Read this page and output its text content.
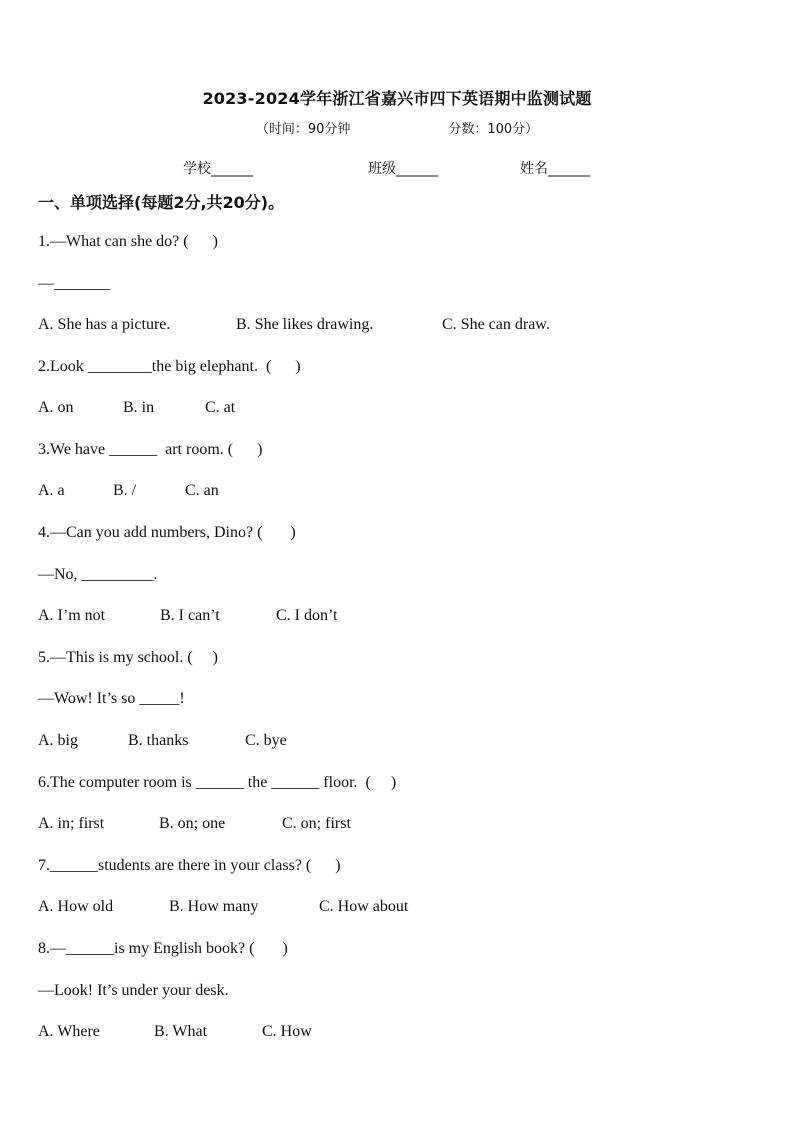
2023-2024学年浙江省嘉兴市四下英语期中监测试题
（时间：90分钟	分数：100分）
学校______	班级______	姓名______
一、单项选择(每题2分,共20分)。
1.—What can she do? (      )
—_______
A. She has a picture.	B. She likes drawing.	C. She can draw.
2.Look ________the big elephant.  (      )
A. on	B. in	C. at
3.We have ______  art room. (      )
A. a	B. /	C. an
4.—Can you add numbers, Dino? (       )
—No, _________.
A. I’m not	B. I can’t	C. I don’t
5.—This is my school. (     )
—Wow! It’s so _____!
A. big	B. thanks	C. bye
6.The computer room is ______ the ______ floor.  (     )
A. in; first	B. on; one	C. on; first
7.______students are there in your class? (      )
A. How old	B. How many	C. How about
8.—______is my English book? (       )
—Look! It’s under your desk.
A. Where	B. What	C. How
